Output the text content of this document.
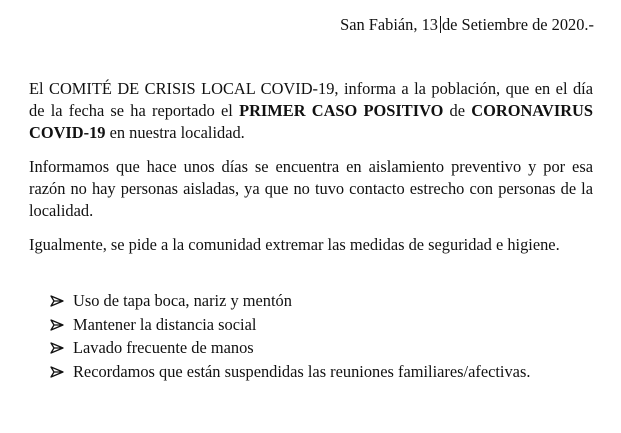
San Fabián, 13 de Setiembre de 2020.-

El COMITÉ DE CRISIS LOCAL COVID-19, informa a la población, que en el día de la fecha se ha reportado el PRIMER CASO POSITIVO de CORONAVIRUS COVID-19 en nuestra localidad.

Informamos que hace unos días se encuentra en aislamiento preventivo y por esa razón no hay personas aisladas, ya que no tuvo contacto estrecho con personas de la localidad.

Igualmente, se pide a la comunidad extremar las medidas de seguridad e higiene.

Uso de tapa boca, nariz y mentón
Mantener la distancia social
Lavado frecuente de manos
Recordamos que están suspendidas las reuniones familiares/afectivas.
